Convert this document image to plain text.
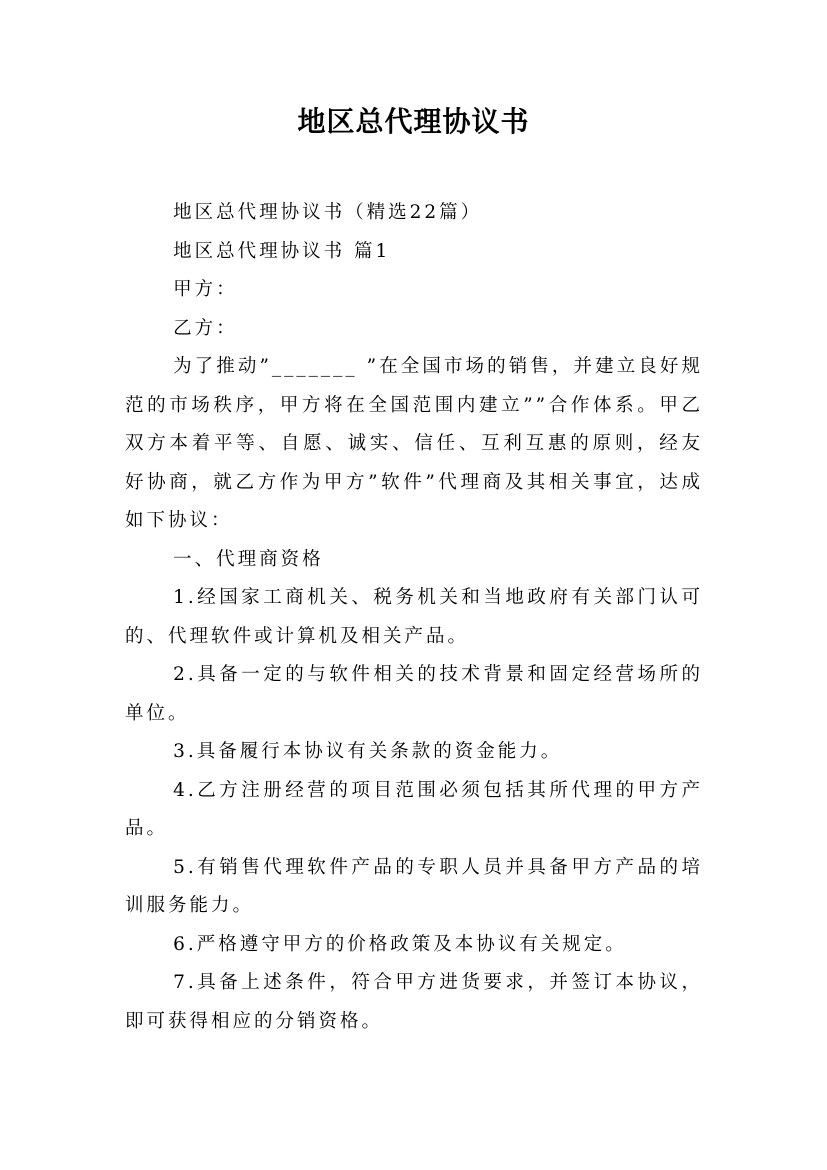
地区总代理协议书

地区总代理协议书（精选22篇）

地区总代理协议书 篇1

甲方：

乙方：

为了推动”_______ ”在全国市场的销售，并建立良好规范的市场秩序，甲方将在全国范围内建立””合作体系。甲乙双方本着平等、自愿、诚实、信任、互利互惠的原则，经友好协商，就乙方作为甲方”软件”代理商及其相关事宜，达成如下协议：

一、代理商资格

1.经国家工商机关、税务机关和当地政府有关部门认可的、代理软件或计算机及相关产品。

2.具备一定的与软件相关的技术背景和固定经营场所的单位。

3.具备履行本协议有关条款的资金能力。

4.乙方注册经营的项目范围必须包括其所代理的甲方产品。

5.有销售代理软件产品的专职人员并具备甲方产品的培训服务能力。

6.严格遵守甲方的价格政策及本协议有关规定。

7.具备上述条件，符合甲方进货要求，并签订本协议，即可获得相应的分销资格。
